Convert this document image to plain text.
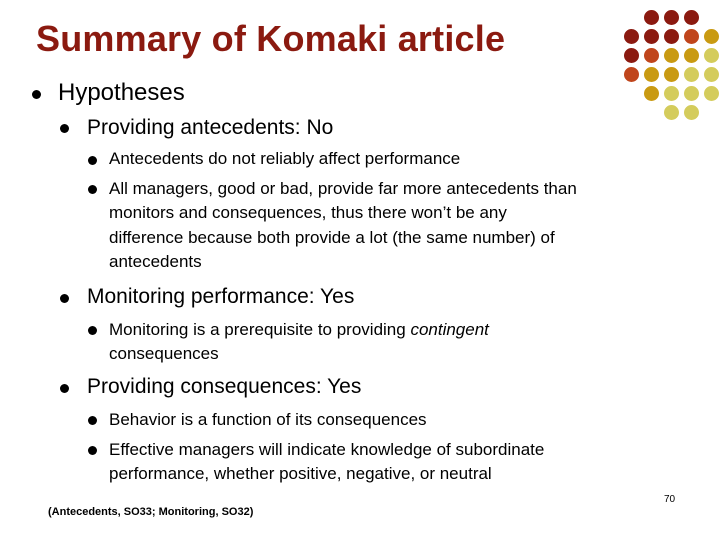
Summary of Komaki article
Hypotheses
Providing antecedents: No
Antecedents do not reliably affect performance
All managers, good or bad, provide far more antecedents than
monitors and consequences, thus there won’t be any
difference because both provide a lot (the same number) of
antecedents
Monitoring performance: Yes
Monitoring is a prerequisite to providing contingent
consequences
Providing consequences: Yes
Behavior is a function of its consequences
Effective managers will indicate knowledge of subordinate
performance, whether positive, negative, or neutral
(Antecedents, SO33; Monitoring, SO32)
70
